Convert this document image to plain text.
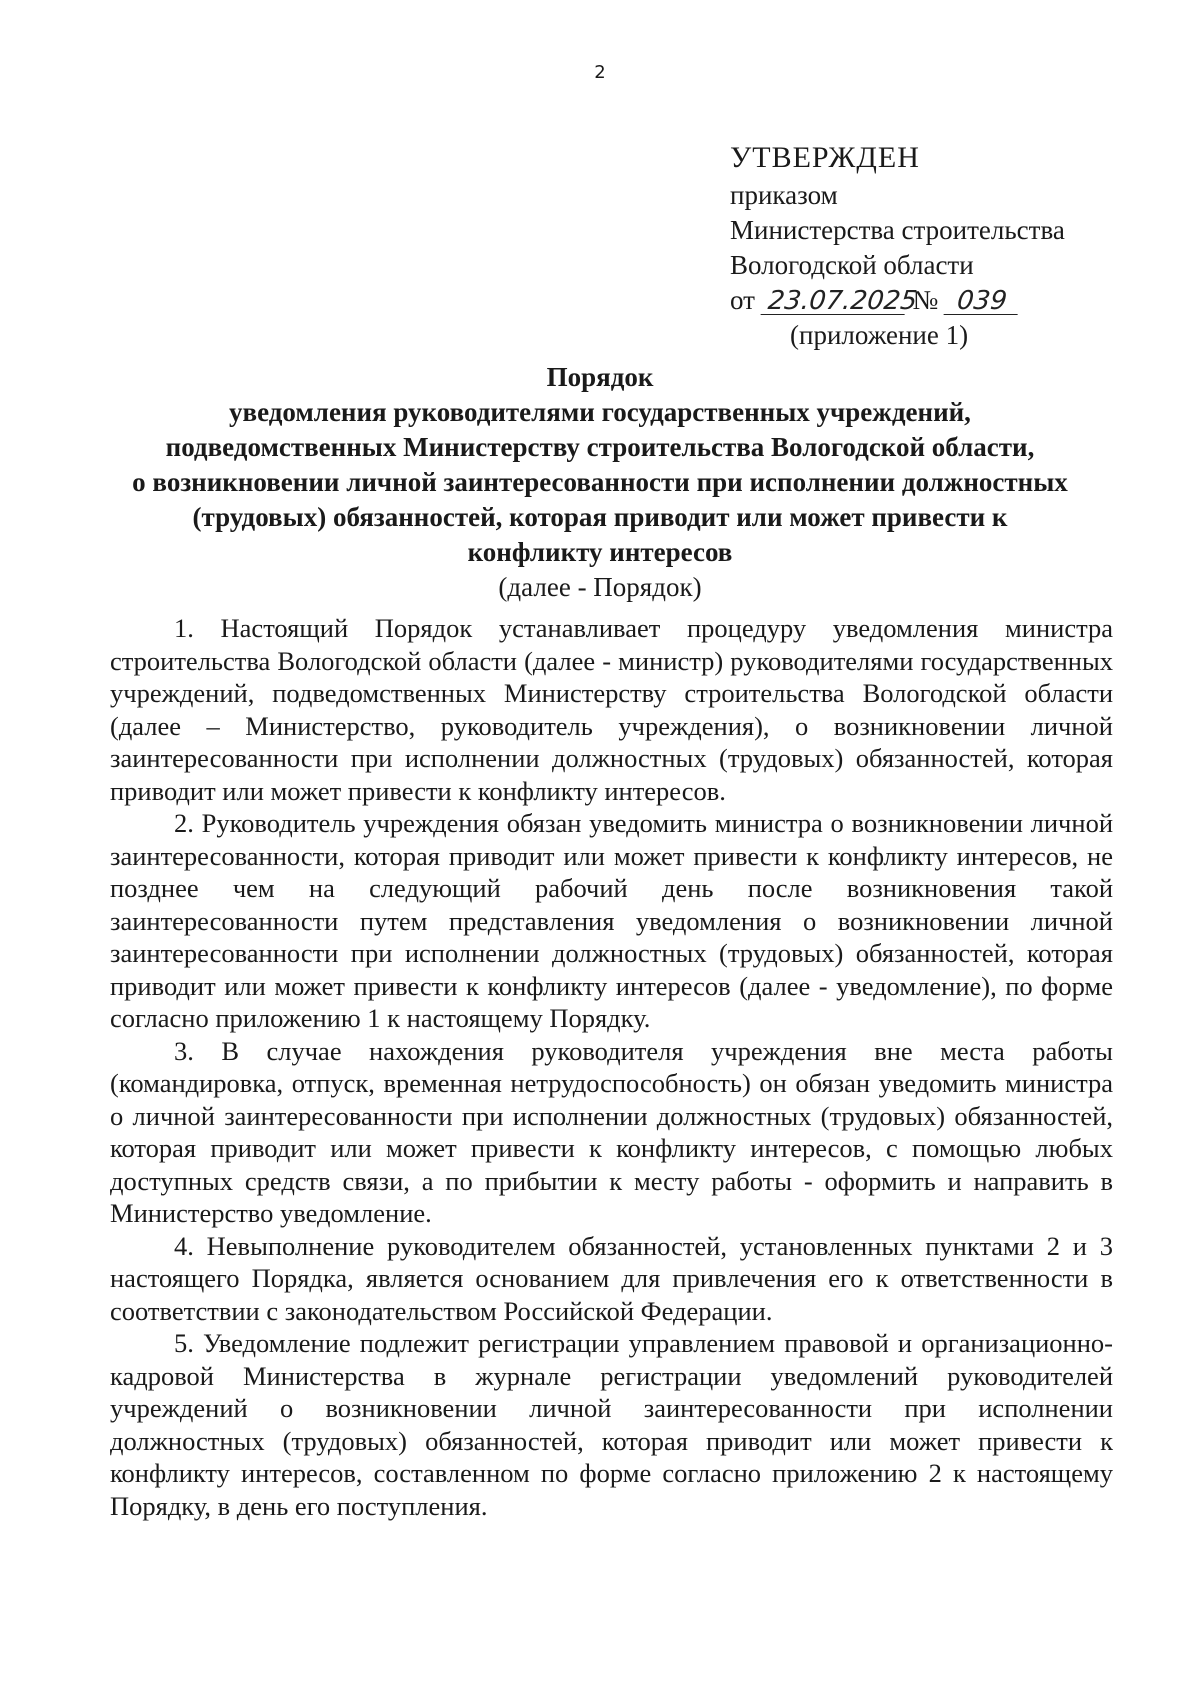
2
УТВЕРЖДЕН
приказом
Министерства строительства
Вологодской области
от 23.07.2025 № 039
(приложение 1)
Порядок
уведомления руководителями государственных учреждений,
подведомственных Министерству строительства Вологодской области,
о возникновении личной заинтересованности при исполнении должностных
(трудовых) обязанностей, которая приводит или может привести к
конфликту интересов
(далее - Порядок)

1. Настоящий Порядок устанавливает процедуру уведомления министра строительства Вологодской области (далее - министр) руководителями государственных учреждений, подведомственных Министерству строительства Вологодской области (далее – Министерство, руководитель учреждения), о возникновении личной заинтересованности при исполнении должностных (трудовых) обязанностей, которая приводит или может привести к конфликту интересов.

2. Руководитель учреждения обязан уведомить министра о возникновении личной заинтересованности, которая приводит или может привести к конфликту интересов, не позднее чем на следующий рабочий день после возникновения такой заинтересованности путем представления уведомления о возникновении личной заинтересованности при исполнении должностных (трудовых) обязанностей, которая приводит или может привести к конфликту интересов (далее - уведомление), по форме согласно приложению 1 к настоящему Порядку.

3. В случае нахождения руководителя учреждения вне места работы (командировка, отпуск, временная нетрудоспособность) он обязан уведомить министра о личной заинтересованности при исполнении должностных (трудовых) обязанностей, которая приводит или может привести к конфликту интересов, с помощью любых доступных средств связи, а по прибытии к месту работы - оформить и направить в Министерство уведомление.

4. Невыполнение руководителем обязанностей, установленных пунктами 2 и 3 настоящего Порядка, является основанием для привлечения его к ответственности в соответствии с законодательством Российской Федерации.

5. Уведомление подлежит регистрации управлением правовой и организационно-кадровой Министерства в журнале регистрации уведомлений руководителей учреждений о возникновении личной заинтересованности при исполнении должностных (трудовых) обязанностей, которая приводит или может привести к конфликту интересов, составленном по форме согласно приложению 2 к настоящему Порядку, в день его поступления.
